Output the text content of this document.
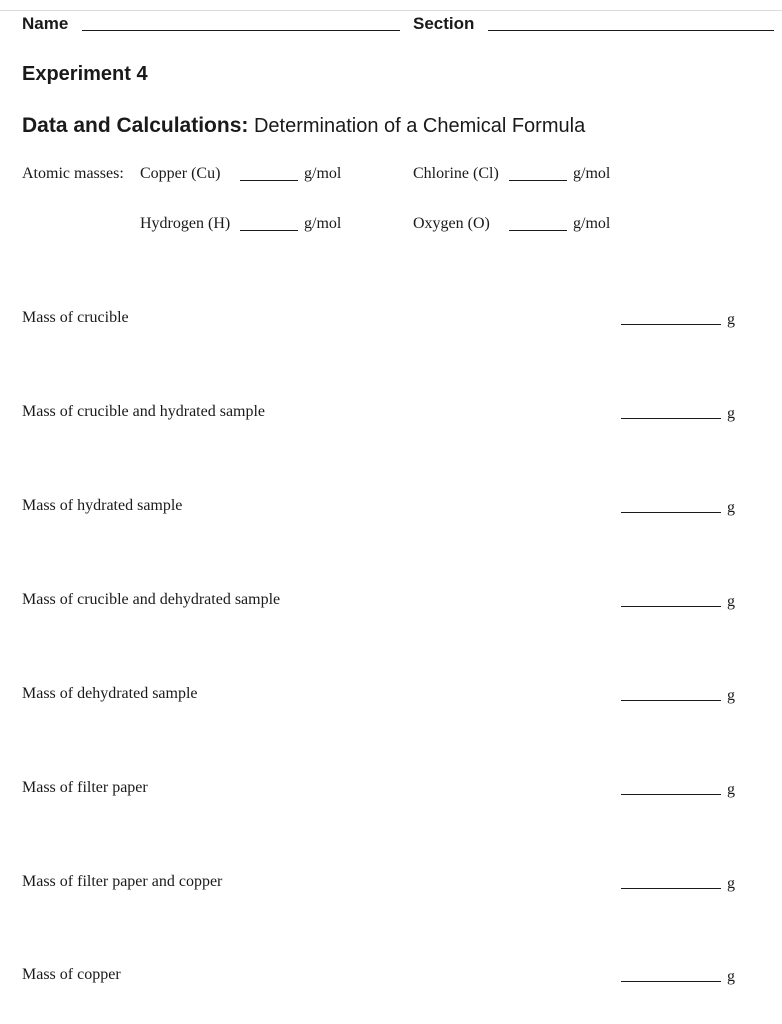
Name	Section
Experiment 4
Data and Calculations: Determination of a Chemical Formula
Atomic masses: Copper (Cu)	g/mol	Chlorine (Cl)	g/mol
Hydrogen (H)	g/mol	Oxygen (O)	g/mol
Mass of crucible	g
Mass of crucible and hydrated sample	g
Mass of hydrated sample	g
Mass of crucible and dehydrated sample	g
Mass of dehydrated sample	g
Mass of filter paper	g
Mass of filter paper and copper	g
Mass of copper	g
